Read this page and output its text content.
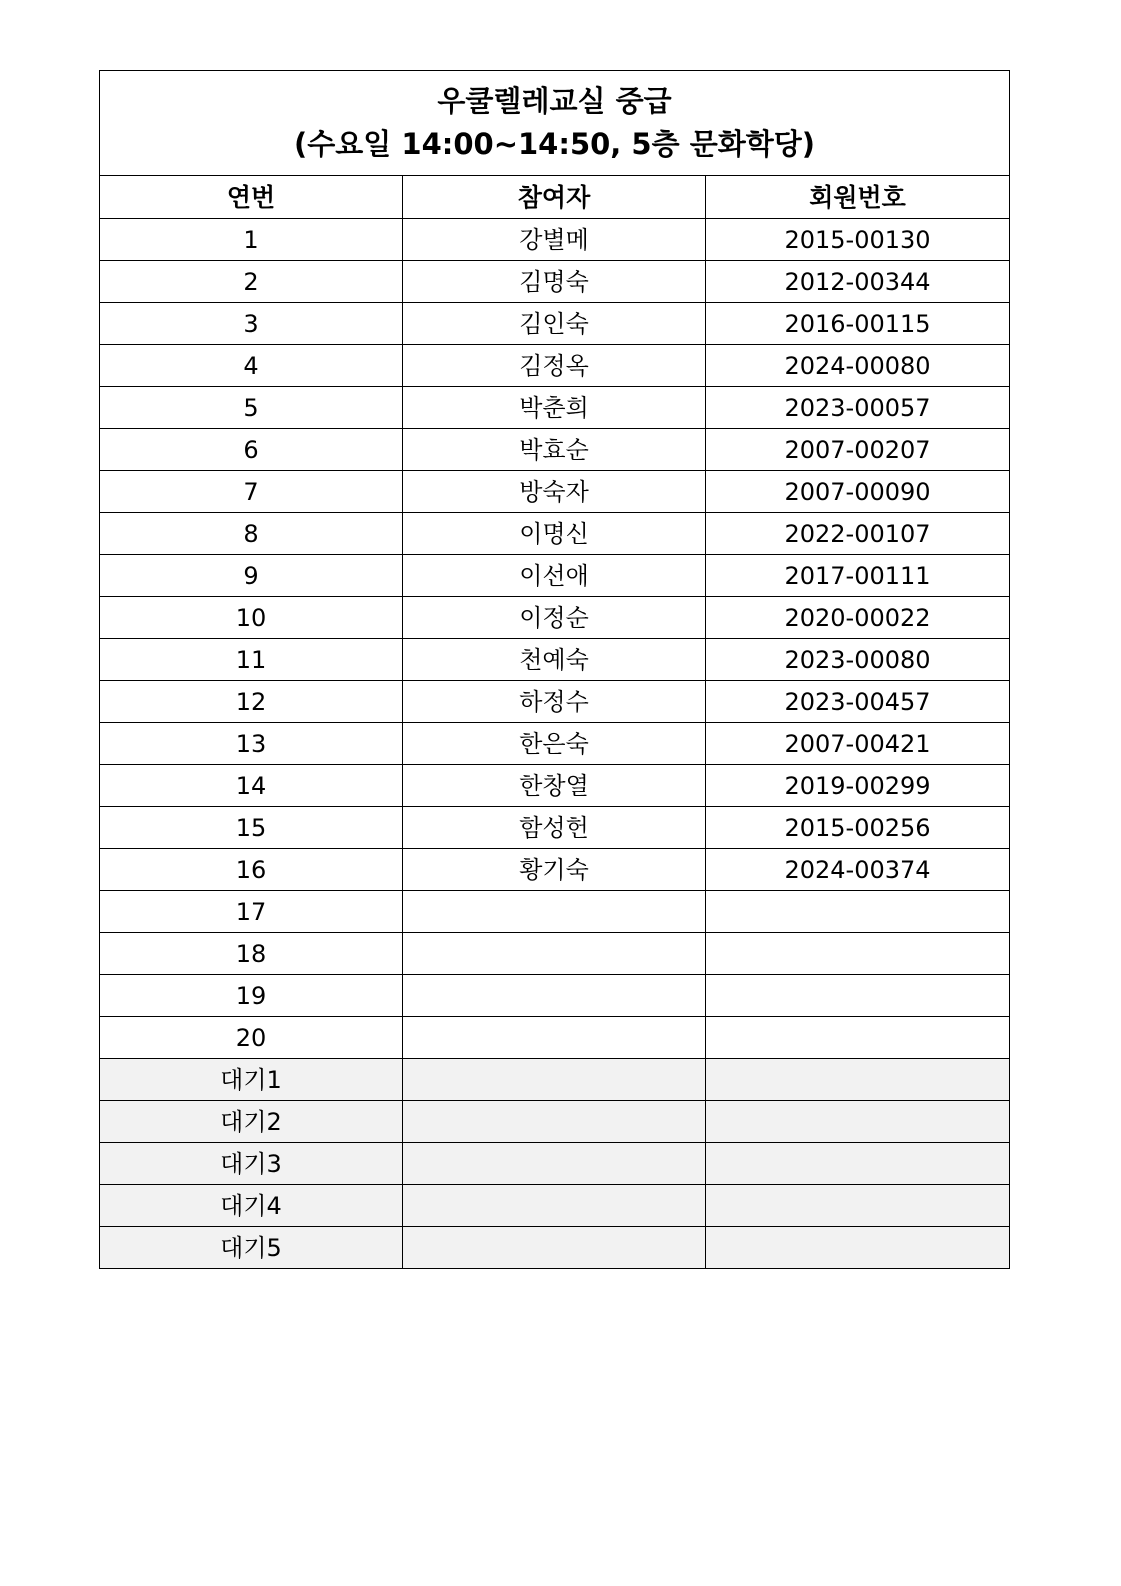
우쿨렐레교실 중급
(수요일 14:00~14:50, 5층 문화학당)		

연번	참여자	회원번호
1	강별메	2015-00130
2	김명숙	2012-00344
3	김인숙	2016-00115
4	김정옥	2024-00080
5	박춘희	2023-00057
6	박효순	2007-00207
7	방숙자	2007-00090
8	이명신	2022-00107
9	이선애	2017-00111
10	이정순	2020-00022
11	천예숙	2023-00080
12	하정수	2023-00457
13	한은숙	2007-00421
14	한창열	2019-00299
15	함성헌	2015-00256
16	황기숙	2024-00374
17		
18		
19		
20		
대기1		
대기2		
대기3		
대기4		
대기5		
